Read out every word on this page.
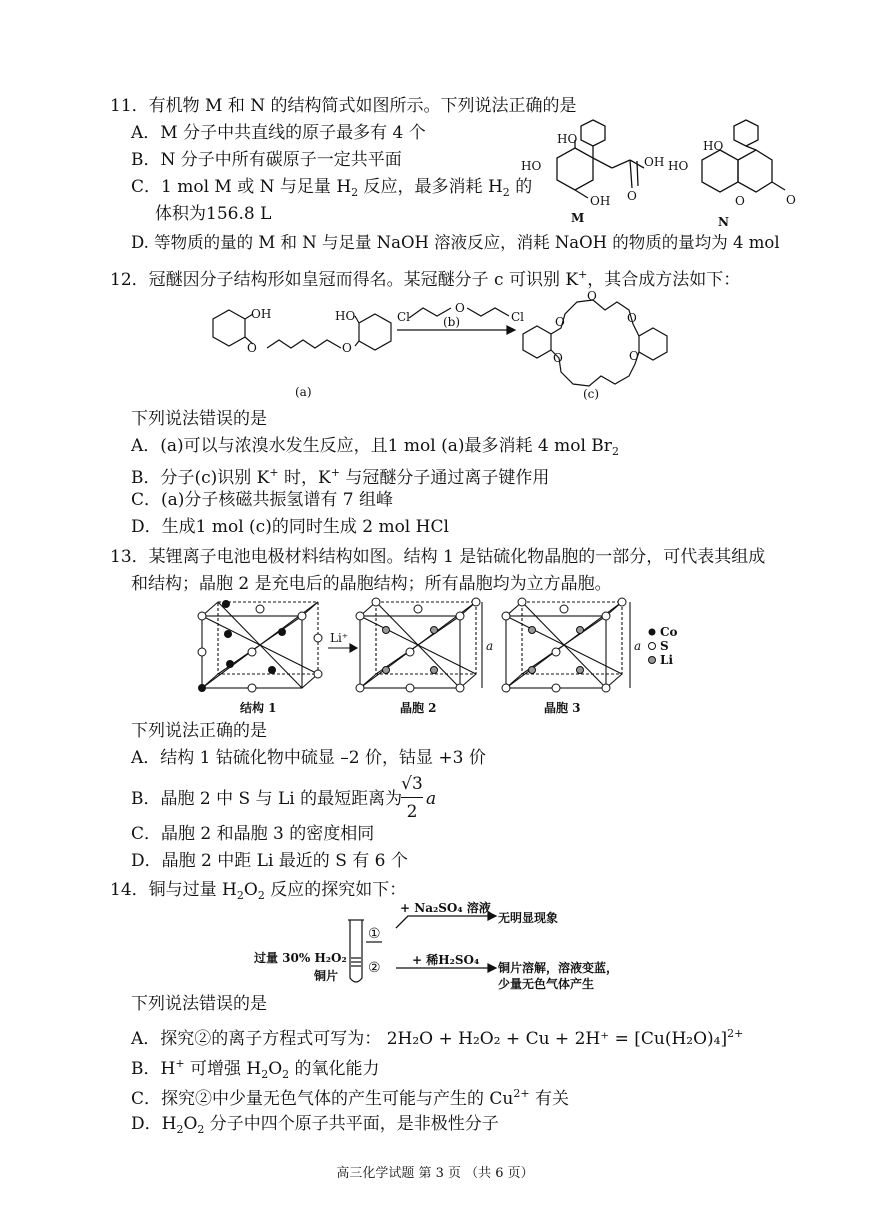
11．有机物 M 和 N 的结构简式如图所示。下列说法正确的是
A．M 分子中共直线的原子最多有 4 个
B．N 分子中所有碳原子一定共平面
C．1 mol M 或 N 与足量 $H_2$ 反应，最多消耗 $H_2$ 的
体积为156.8 L
HO
HO	OH
O
OH
M
HO
HO
O	O
N
D. 等物质的量的 M 和 N 与足量 NaOH 溶液反应，消耗 NaOH 的物质的量均为 4 mol
12．冠醚因分子结构形如皇冠而得名。某冠醚分子 c 可识别 K+，其合成方法如下：
OH
O	O
HO	Cl
O
Cl
(b)
O
O	O
O	O
(a)	(c)
下列说法错误的是
A．(a)可以与浓溴水发生反应，且1 mol (a)最多消耗 4 mol $Br_2$
B．分子(c)识别 K+ 时，K+ 与冠醚分子通过离子键作用
C．(a)分子核磁共振氢谱有 7 组峰
D．生成1 mol (c)的同时生成 2 mol HCl
13．某锂离子电池电极材料结构如图。结构 1 是钴硫化物晶胞的一部分，可代表其组成
和结构；晶胞 2 是充电后的晶胞结构；所有晶胞均为立方晶胞。
Li⁺
a	a
Co
S
Li
结构 1	晶胞 2	晶胞 3
下列说法正确的是
A．结构 1 钴硫化物中硫显 –2 价，钴显 +3 价
B．晶胞 2 中 S 与 Li 的最短距离为
√3
2
a
C．晶胞 2 和晶胞 3 的密度相同
D．晶胞 2 中距 Li 最近的 S 有 6 个
14．铜与过量 $H_2O_2$ 反应的探究如下：
①
②
过量 30% H₂O₂
铜片
+ Na₂SO₄ 溶液
+ 稀H₂SO₄
无明显现象
铜片溶解，溶液变蓝，
少量无色气体产生
下列说法错误的是
A．探究②的离子方程式可写为： $2H_2O + H_2O_2 + Cu + 2H^+ = [Cu(H_2O)_4]^{2+}$
B．H+ 可增强 $H_2O_2$ 的氧化能力
C．探究②中少量无色气体的产生可能与产生的 $Cu^{2+}$ 有关
D．$H_2O_2$ 分子中四个原子共平面，是非极性分子
高三化学试题 第 3 页 （共 6 页）
